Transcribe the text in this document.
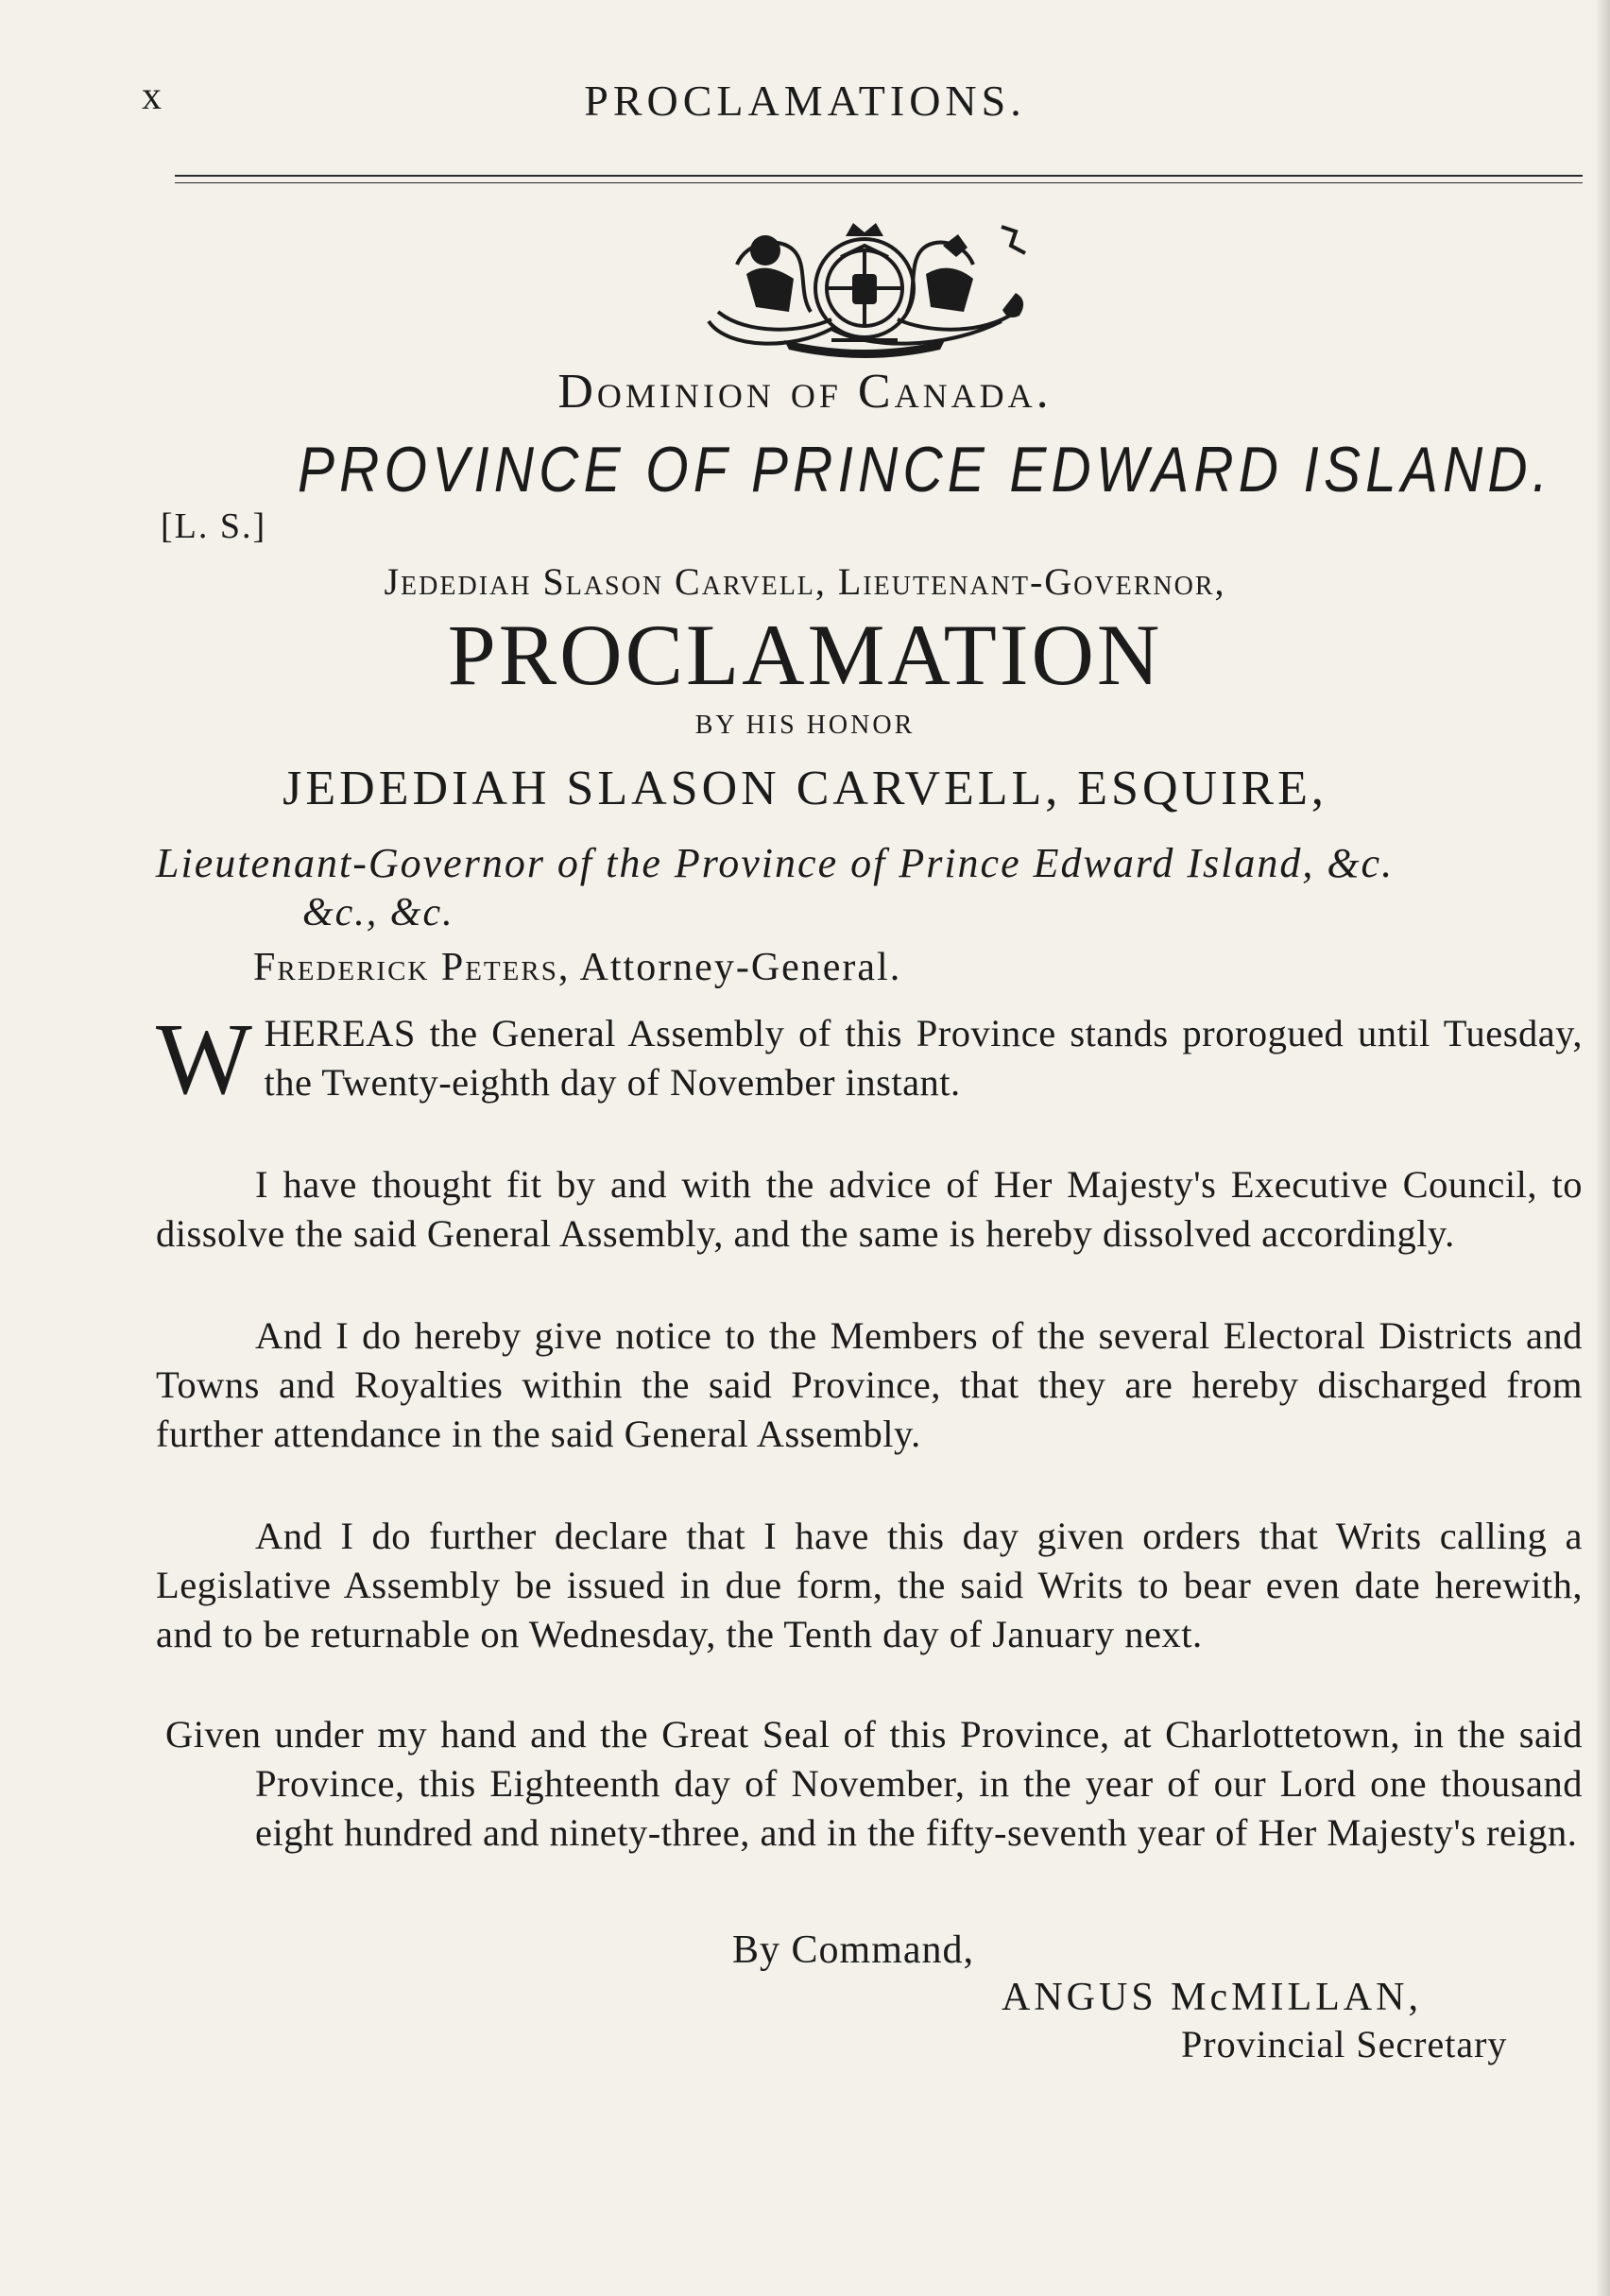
x	PROCLAMATIONS.
Dominion of Canada.
PROVINCE OF PRINCE EDWARD ISLAND.
[L. S.]
Jedediah Slason Carvell, Lieutenant-Governor,
PROCLAMATION
BY HIS HONOR
JEDEDIAH SLASON CARVELL, ESQUIRE,
Lieutenant-Governor of the Province of Prince Edward Island, &c.
&c., &c.
Frederick Peters, Attorney-General.
WHEREAS the General Assembly of this Province stands prorogued until Tuesday, the Twenty-eighth day of November instant.
I have thought fit by and with the advice of Her Majesty's Executive Council, to dissolve the said General Assembly, and the same is hereby dissolved accordingly.
And I do hereby give notice to the Members of the several Electoral Districts and Towns and Royalties within the said Province, that they are hereby discharged from further attendance in the said General Assembly.
And I do further declare that I have this day given orders that Writs calling a Legislative Assembly be issued in due form, the said Writs to bear even date herewith, and to be returnable on Wednesday, the Tenth day of January next.
Given under my hand and the Great Seal of this Province, at Charlottetown, in the said Province, this Eighteenth day of November, in the year of our Lord one thousand eight hundred and ninety-three, and in the fifty-seventh year of Her Majesty's reign.
By Command,
ANGUS McMILLAN,
Provincial Secretary
